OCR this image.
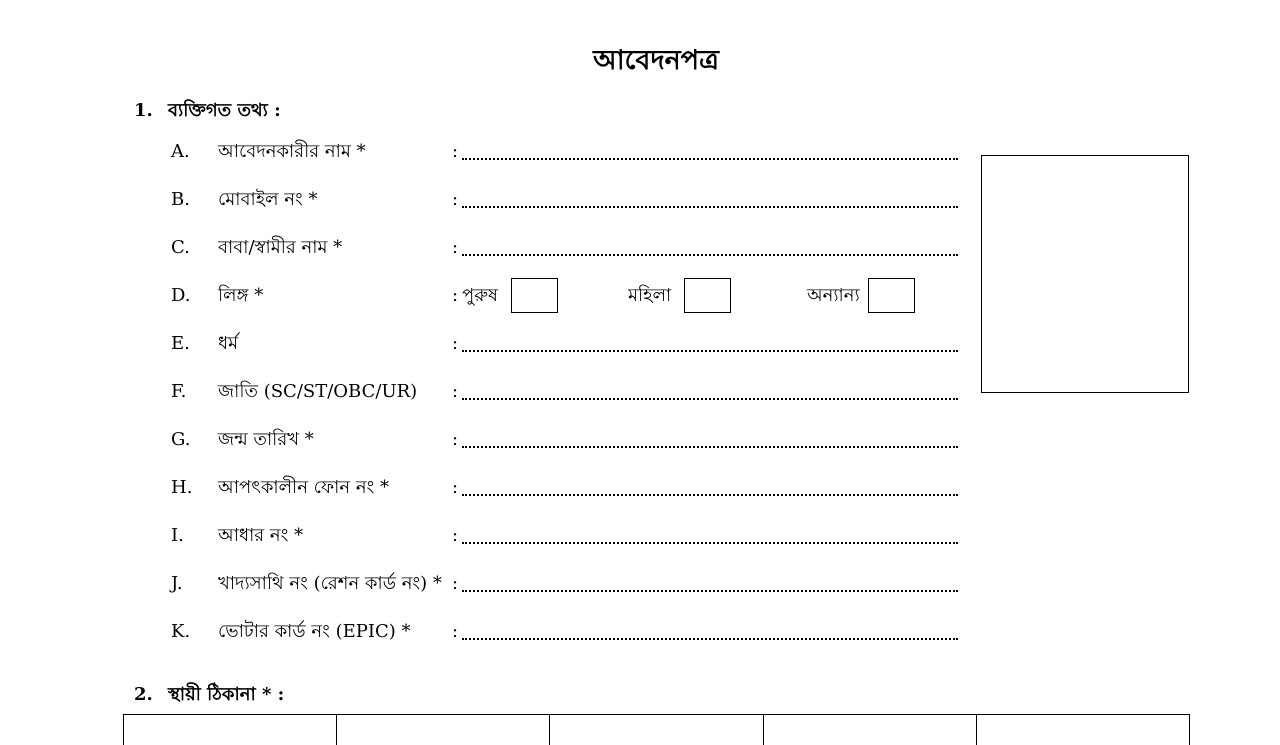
আবেদনপত্র
1. ব্যক্তিগত তথ্য :
A. আবেদনকারীর নাম *	:
B. মোবাইল নং *	:
C. বাবা/স্বামীর নাম *	:
D. লিঙ্গ *	: পুরুষ	মহিলা	অন্যান্য
E. ধর্ম	:
F. জাতি (SC/ST/OBC/UR) :
G. জন্ম তারিখ *	:
H. আপৎকালীন ফোন নং *	:
I. আধার নং *	:
J. খাদ্যসাথি নং (রেশন কার্ড নং) * :
K. ভোটার কার্ড নং (EPIC) * :
2. স্থায়ী ঠিকানা * :
